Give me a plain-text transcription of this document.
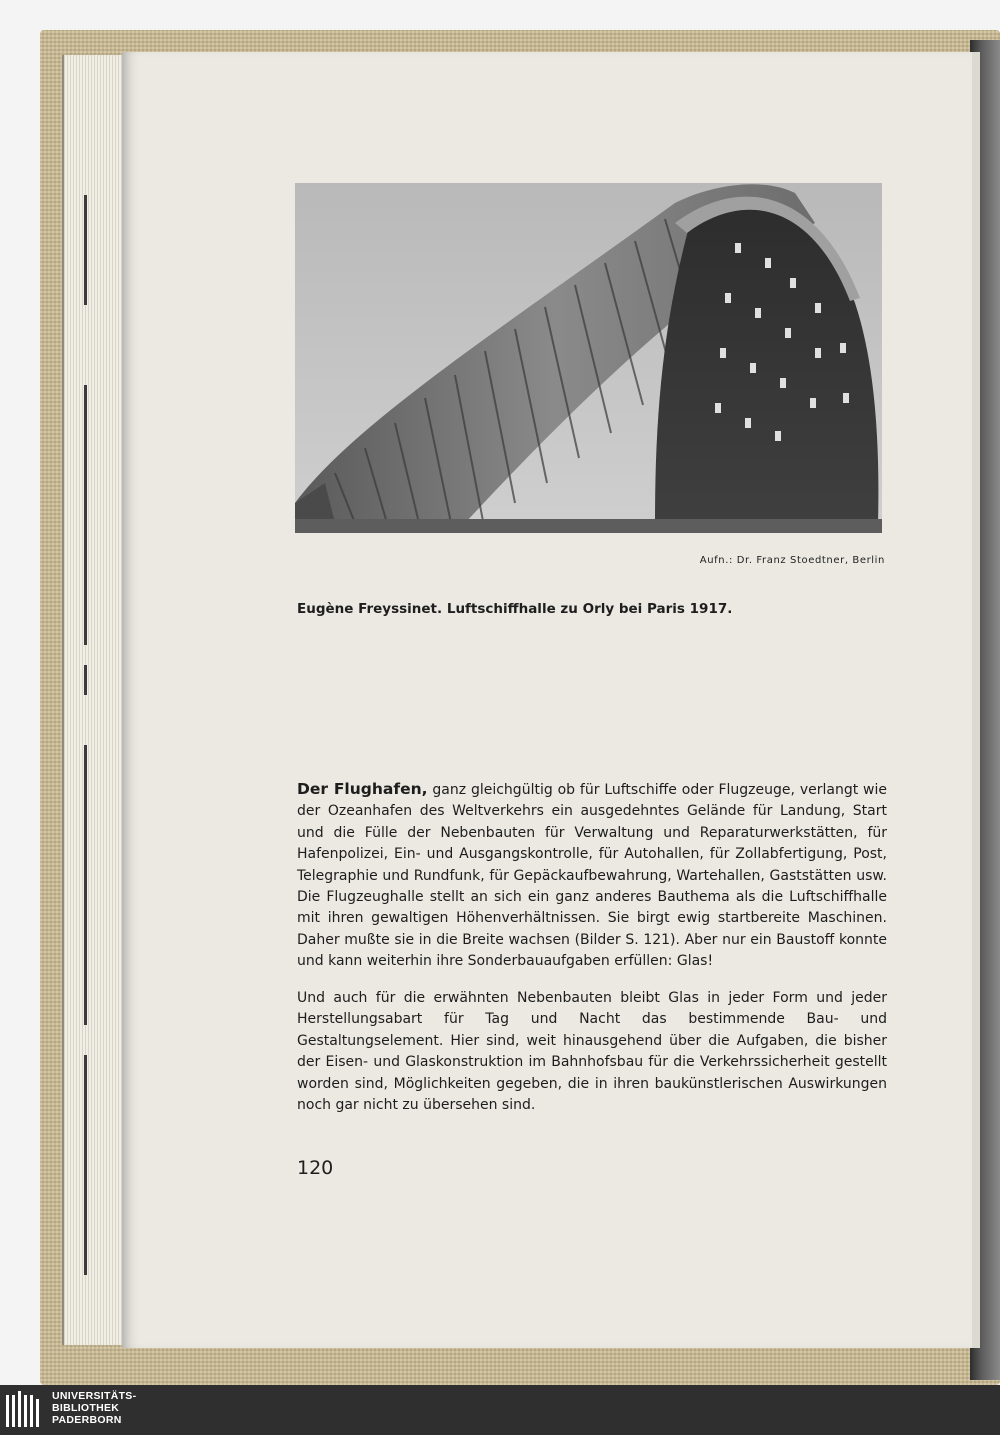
Aufn.: Dr. Franz Stoedtner, Berlin
Eugène Freyssinet. Luftschiffhalle zu Orly bei Paris 1917.
Der Flughafen, ganz gleichgültig ob für Luftschiffe oder Flugzeuge, verlangt wie der Ozeanhafen des Weltverkehrs ein ausgedehntes Gelände für Landung, Start und die Fülle der Nebenbauten für Verwaltung und Reparaturwerkstätten, für Hafenpolizei, Ein- und Ausgangskontrolle, für Autohallen, für Zollabfertigung, Post, Telegraphie und Rundfunk, für Gepäckaufbewahrung, Wartehallen, Gaststätten usw. Die Flugzeughalle stellt an sich ein ganz anderes Bauthema als die Luftschiffhalle mit ihren gewaltigen Höhenverhältnissen. Sie birgt ewig startbereite Maschinen. Daher mußte sie in die Breite wachsen (Bilder S. 121). Aber nur ein Baustoff konnte und kann weiterhin ihre Sonderbauaufgaben erfüllen: Glas!
Und auch für die erwähnten Nebenbauten bleibt Glas in jeder Form und jeder Herstellungsabart für Tag und Nacht das bestimmende Bau- und Gestaltungselement. Hier sind, weit hinausgehend über die Aufgaben, die bisher der Eisen- und Glaskonstruktion im Bahnhofsbau für die Verkehrssicherheit gestellt worden sind, Möglichkeiten gegeben, die in ihren baukünstlerischen Auswirkungen noch gar nicht zu übersehen sind.
120
UNIVERSITÄTS-
BIBLIOTHEK
PADERBORN
